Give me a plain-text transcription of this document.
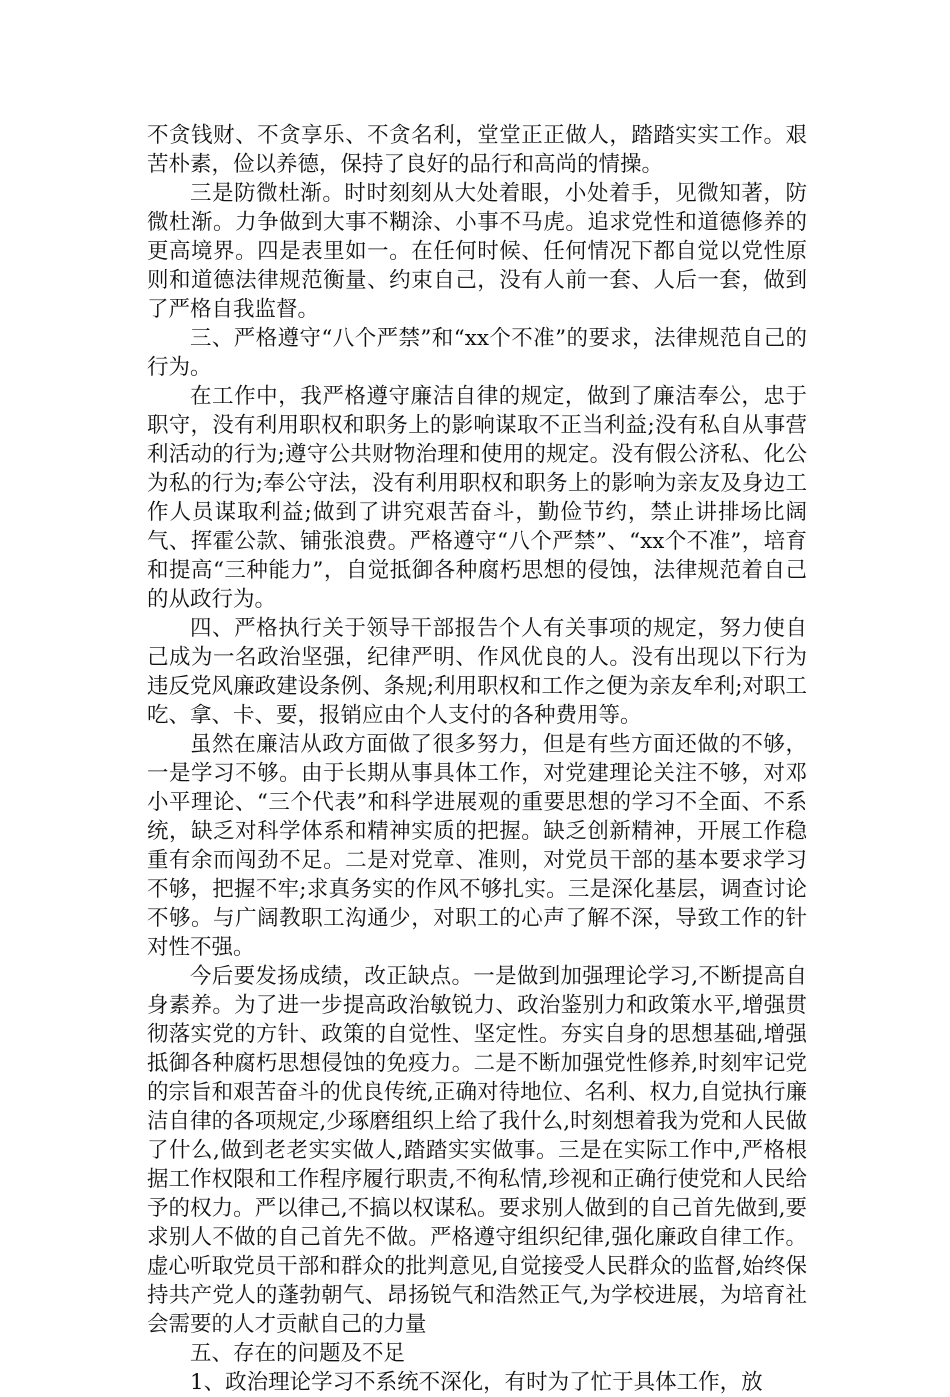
不贪钱财、不贪享乐、不贪名利，堂堂正正做人，踏踏实实工作。艰苦朴素，俭以养德，保持了良好的品行和高尚的情操。

三是防微杜渐。时时刻刻从大处着眼，小处着手，见微知著，防微杜渐。力争做到大事不糊涂、小事不马虎。追求党性和道德修养的更高境界。四是表里如一。在任何时候、任何情况下都自觉以党性原则和道德法律规范衡量、约束自己，没有人前一套、人后一套，做到了严格自我监督。

三、严格遵守“八个严禁”和“xx个不准”的要求，法律规范自己的行为。

在工作中，我严格遵守廉洁自律的规定，做到了廉洁奉公，忠于职守，没有利用职权和职务上的影响谋取不正当利益;没有私自从事营利活动的行为;遵守公共财物治理和使用的规定。没有假公济私、化公为私的行为;奉公守法，没有利用职权和职务上的影响为亲友及身边工作人员谋取利益;做到了讲究艰苦奋斗，勤俭节约，禁止讲排场比阔气、挥霍公款、铺张浪费。严格遵守“八个严禁”、“xx个不准”，培育和提高“三种能力”，自觉抵御各种腐朽思想的侵蚀，法律规范着自己的从政行为。

四、严格执行关于领导干部报告个人有关事项的规定，努力使自己成为一名政治坚强，纪律严明、作风优良的人。没有出现以下行为违反党风廉政建设条例、条规;利用职权和工作之便为亲友牟利;对职工吃、拿、卡、要，报销应由个人支付的各种费用等。

虽然在廉洁从政方面做了很多努力，但是有些方面还做的不够，一是学习不够。由于长期从事具体工作，对党建理论关注不够，对邓小平理论、“三个代表”和科学进展观的重要思想的学习不全面、不系统，缺乏对科学体系和精神实质的把握。缺乏创新精神，开展工作稳重有余而闯劲不足。二是对党章、准则，对党员干部的基本要求学习不够，把握不牢;求真务实的作风不够扎实。三是深化基层，调查讨论不够。与广阔教职工沟通少，对职工的心声了解不深，导致工作的针对性不强。

今后要发扬成绩，改正缺点。一是做到加强理论学习,不断提高自身素养。为了进一步提高政治敏锐力、政治鉴别力和政策水平,增强贯彻落实党的方针、政策的自觉性、坚定性。夯实自身的思想基础,增强抵御各种腐朽思想侵蚀的免疫力。二是不断加强党性修养,时刻牢记党的宗旨和艰苦奋斗的优良传统,正确对待地位、名利、权力,自觉执行廉洁自律的各项规定,少琢磨组织上给了我什么,时刻想着我为党和人民做了什么,做到老老实实做人,踏踏实实做事。三是在实际工作中,严格根据工作权限和工作程序履行职责,不徇私情,珍视和正确行使党和人民给予的权力。严以律己,不搞以权谋私。要求别人做到的自己首先做到,要求别人不做的自己首先不做。严格遵守组织纪律,强化廉政自律工作。虚心听取党员干部和群众的批判意见,自觉接受人民群众的监督,始终保持共产党人的蓬勃朝气、昂扬锐气和浩然正气,为学校进展，为培育社会需要的人才贡献自己的力量

五、存在的问题及不足

1、政治理论学习不系统不深化，有时为了忙于具体工作，放
